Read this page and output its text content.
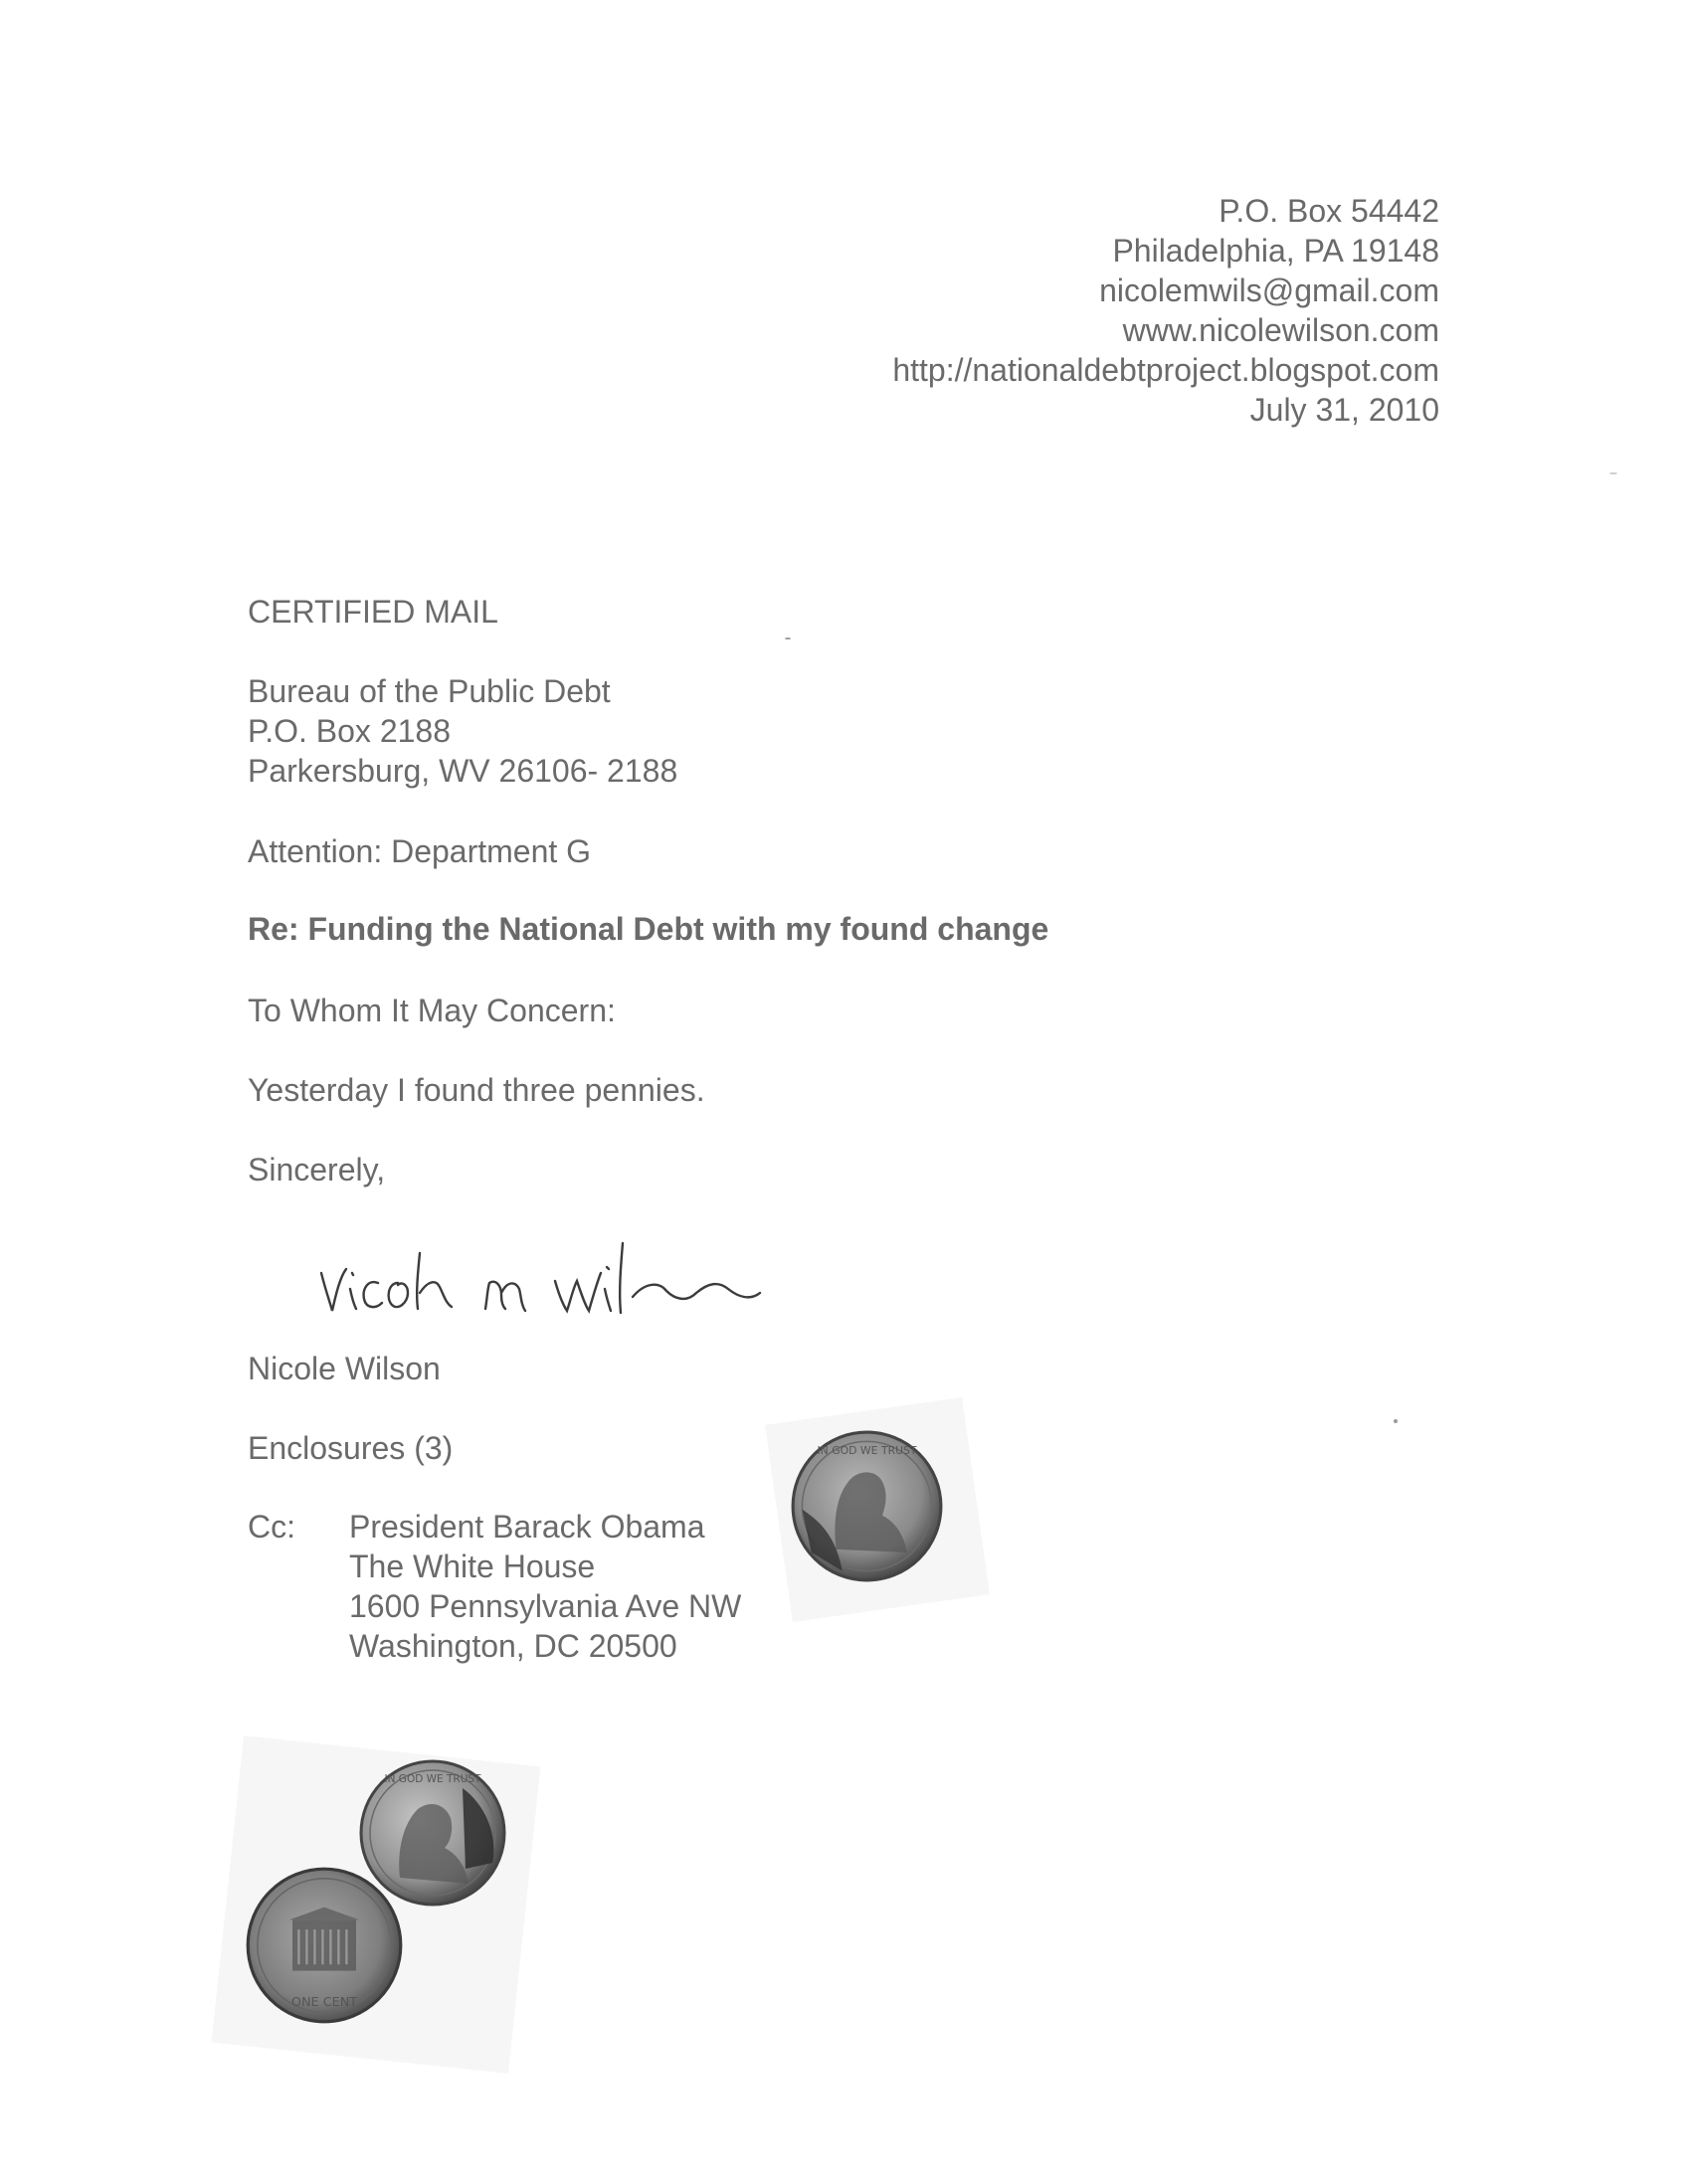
P.O. Box 54442
Philadelphia, PA 19148
nicolemwils@gmail.com
www.nicolewilson.com
http://nationaldebtproject.blogspot.com
July 31, 2010
CERTIFIED MAIL
Bureau of the Public Debt
P.O. Box 2188
Parkersburg, WV 26106- 2188
Attention: Department G
Re: Funding the National Debt with my found change
To Whom It May Concern:
Yesterday I found three pennies.
Sincerely,
Nicole Wilson
Enclosures (3)
Cc: President Barack Obama
The White House
1600 Pennsylvania Ave NW
Washington, DC 20500
IN GOD WE TRUST
IN GOD WE TRUST
ONE CENT
